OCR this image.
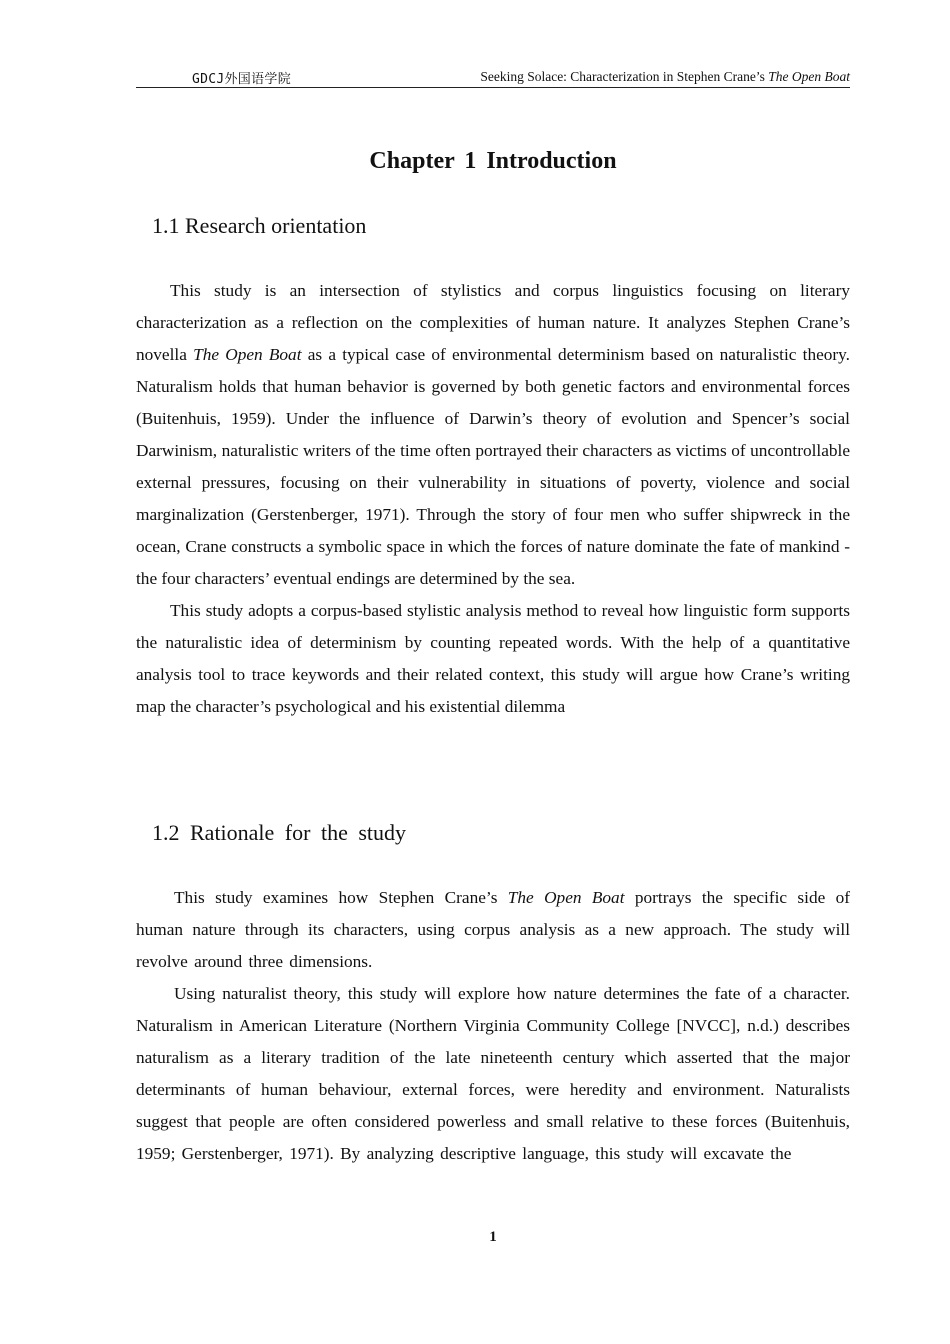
GDCJ外国语学院	Seeking Solace: Characterization in Stephen Crane’s The Open Boat
Chapter 1 Introduction
1.1 Research orientation

This study is an intersection of stylistics and corpus linguistics focusing on literary characterization as a reflection on the complexities of human nature. It analyzes Stephen Crane’s novella The Open Boat as a typical case of environmental determinism based on naturalistic theory. Naturalism holds that human behavior is governed by both genetic factors and environmental forces (Buitenhuis, 1959). Under the influence of Darwin’s theory of evolution and Spencer’s social Darwinism, naturalistic writers of the time often portrayed their characters as victims of uncontrollable external pressures, focusing on their vulnerability in situations of poverty, violence and social marginalization (Gerstenberger, 1971). Through the story of four men who suffer shipwreck in the ocean, Crane constructs a symbolic space in which the forces of nature dominate the fate of mankind - the four characters’ eventual endings are determined by the sea.

This study adopts a corpus-based stylistic analysis method to reveal how linguistic form supports the naturalistic idea of determinism by counting repeated words. With the help of a quantitative analysis tool to trace keywords and their related context, this study will argue how Crane’s writing map the character’s psychological and his existential dilemma

1.2 Rationale for the study

This study examines how Stephen Crane’s The Open Boat portrays the specific side of human nature through its characters, using corpus analysis as a new approach. The study will revolve around three dimensions.

Using naturalist theory, this study will explore how nature determines the fate of a character. Naturalism in American Literature (Northern Virginia Community College [NVCC], n.d.) describes naturalism as a literary tradition of the late nineteenth century which asserted that the major determinants of human behaviour, external forces, were heredity and environment. Naturalists suggest that people are often considered powerless and small relative to these forces (Buitenhuis, 1959; Gerstenberger, 1971). By analyzing descriptive language, this study will excavate the

1
